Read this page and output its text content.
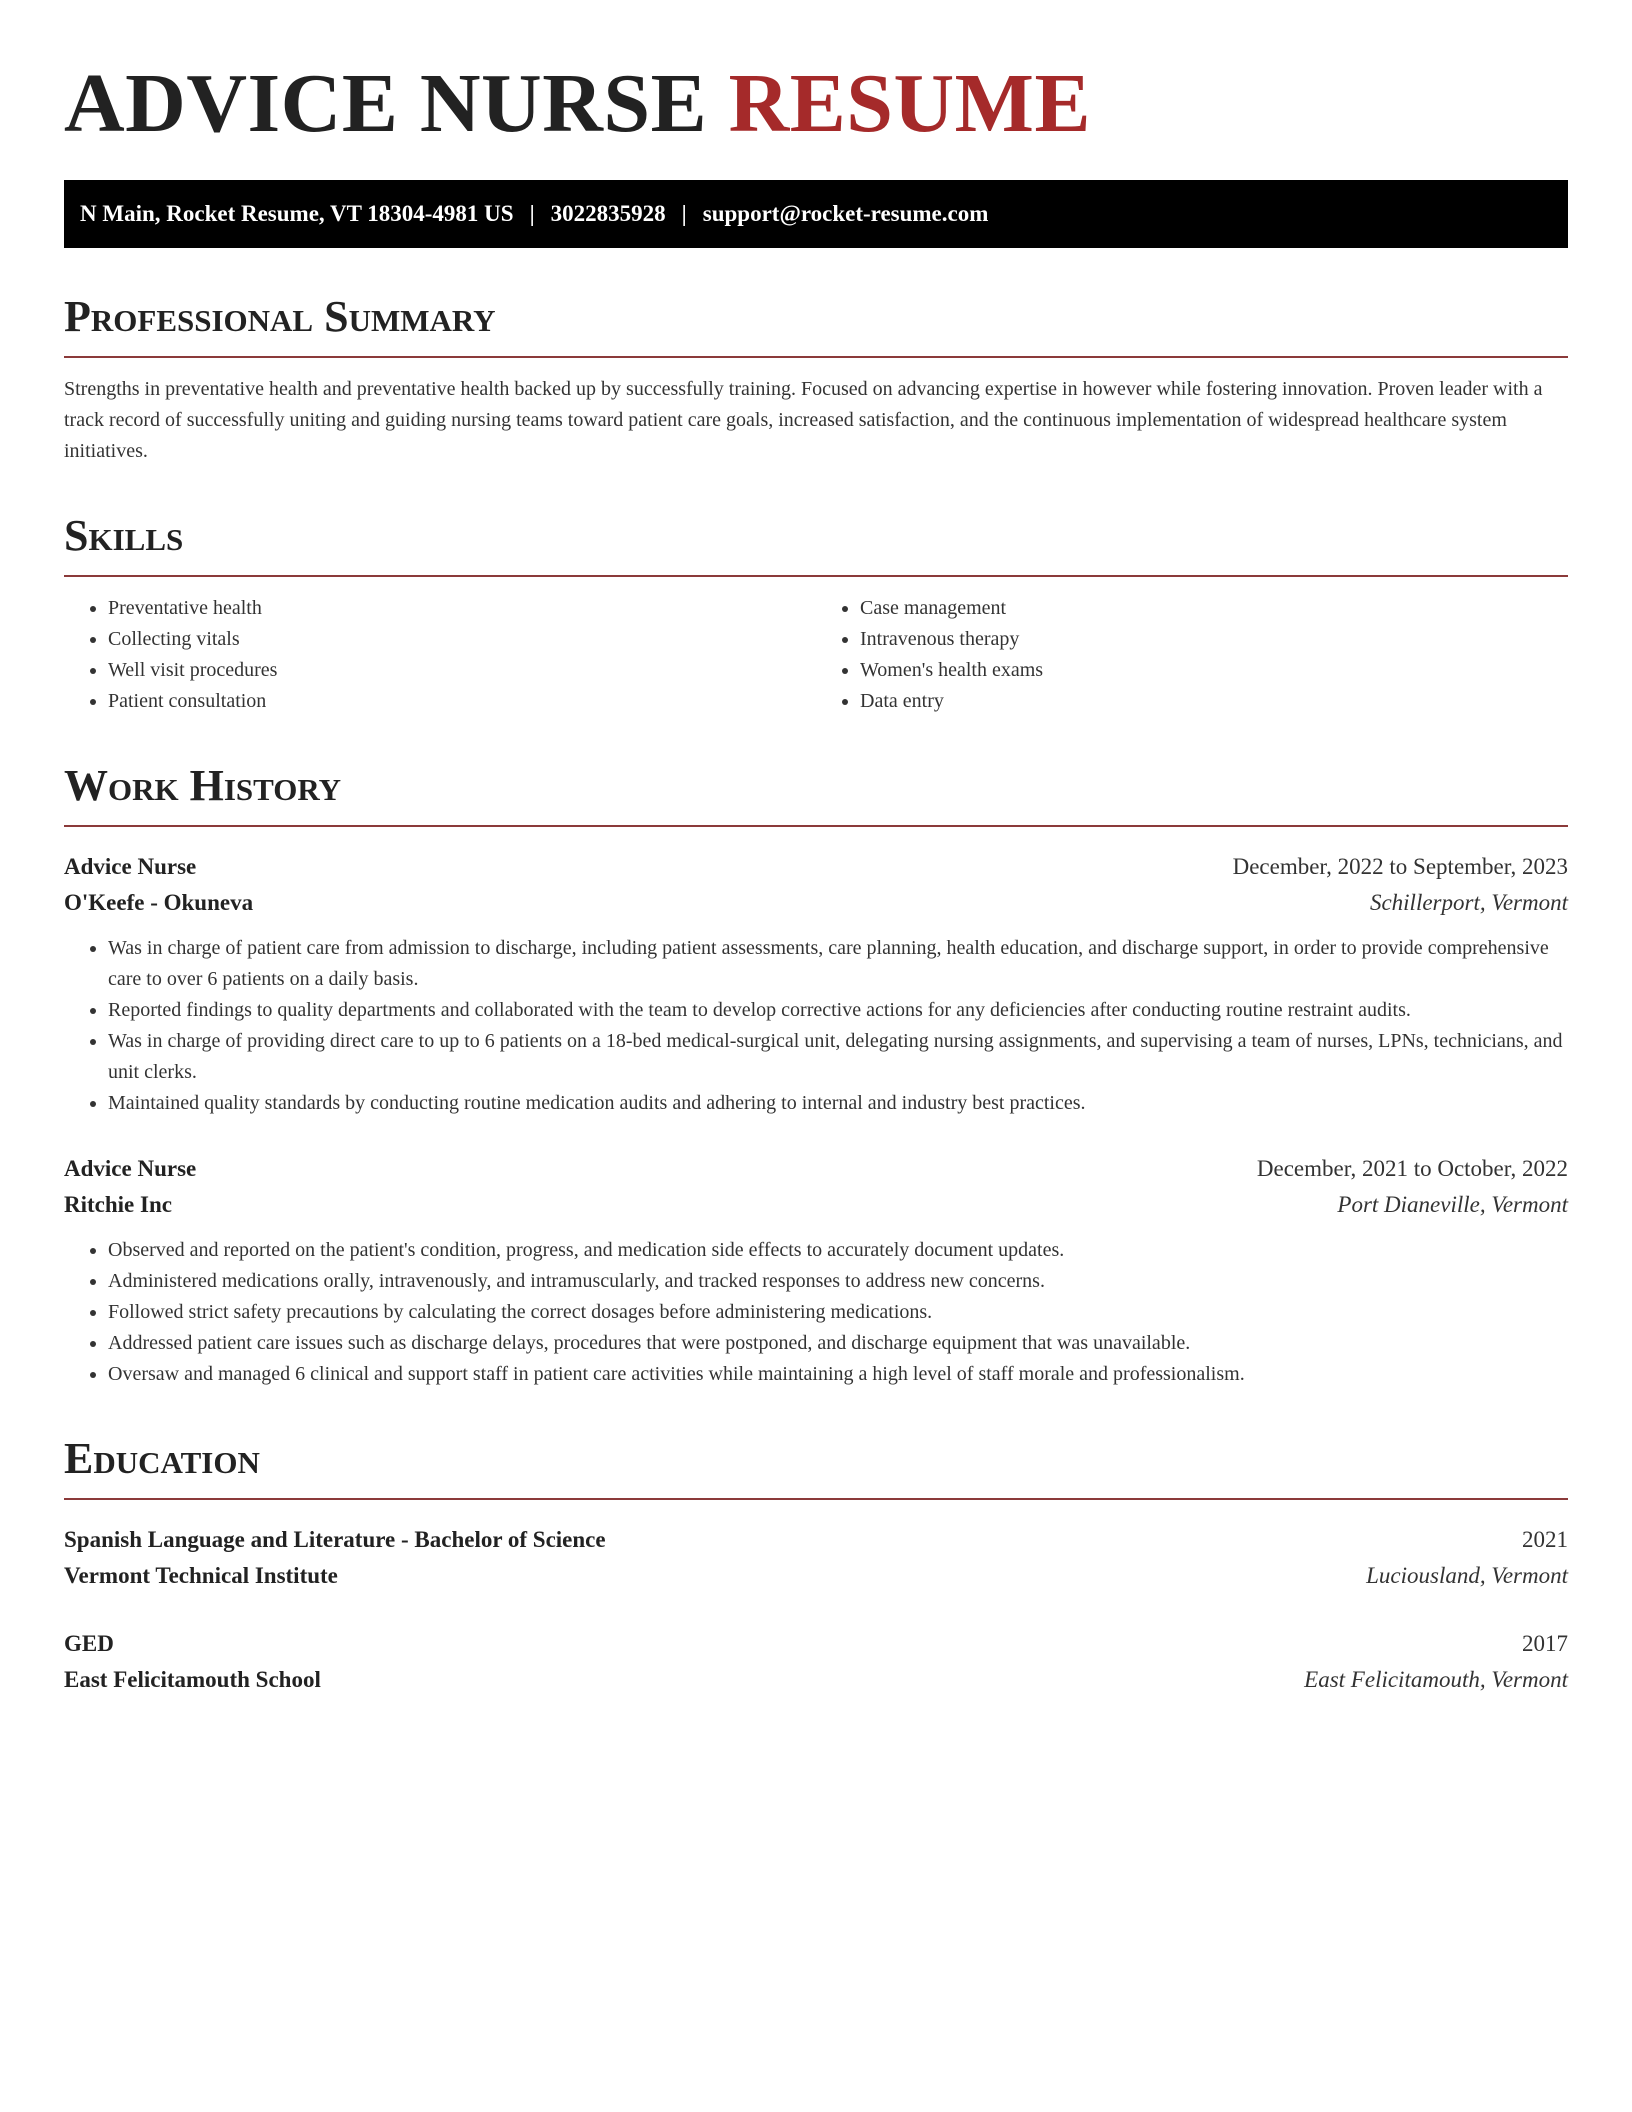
ADVICE NURSE RESUME
N Main, Rocket Resume, VT 18304-4981 US | 3022835928 | support@rocket-resume.com
Professional Summary

Strengths in preventative health and preventative health backed up by successfully training. Focused on advancing expertise in however while fostering innovation. Proven leader with a track record of successfully uniting and guiding nursing teams toward patient care goals, increased satisfaction, and the continuous implementation of widespread healthcare system initiatives.

Skills
• Preventative health
• Collecting vitals
• Well visit procedures
• Patient consultation
• Case management
• Intravenous therapy
• Women's health exams
• Data entry
Work History
Advice Nurse	December, 2022 to September, 2023
O'Keefe - Okuneva	Schillerport, Vermont
• Was in charge of patient care from admission to discharge, including patient assessments, care planning, health education, and discharge support, in order to provide comprehensive care to over 6 patients on a daily basis.
• Reported findings to quality departments and collaborated with the team to develop corrective actions for any deficiencies after conducting routine restraint audits.
• Was in charge of providing direct care to up to 6 patients on a 18-bed medical-surgical unit, delegating nursing assignments, and supervising a team of nurses, LPNs, technicians, and unit clerks.
• Maintained quality standards by conducting routine medication audits and adhering to internal and industry best practices.
Advice Nurse	December, 2021 to October, 2022
Ritchie Inc	Port Dianeville, Vermont
• Observed and reported on the patient's condition, progress, and medication side effects to accurately document updates.
• Administered medications orally, intravenously, and intramuscularly, and tracked responses to address new concerns.
• Followed strict safety precautions by calculating the correct dosages before administering medications.
• Addressed patient care issues such as discharge delays, procedures that were postponed, and discharge equipment that was unavailable.
• Oversaw and managed 6 clinical and support staff in patient care activities while maintaining a high level of staff morale and professionalism.
Education
Spanish Language and Literature - Bachelor of Science	2021
Vermont Technical Institute	Luciousland, Vermont
GED	2017
East Felicitamouth School	East Felicitamouth, Vermont
